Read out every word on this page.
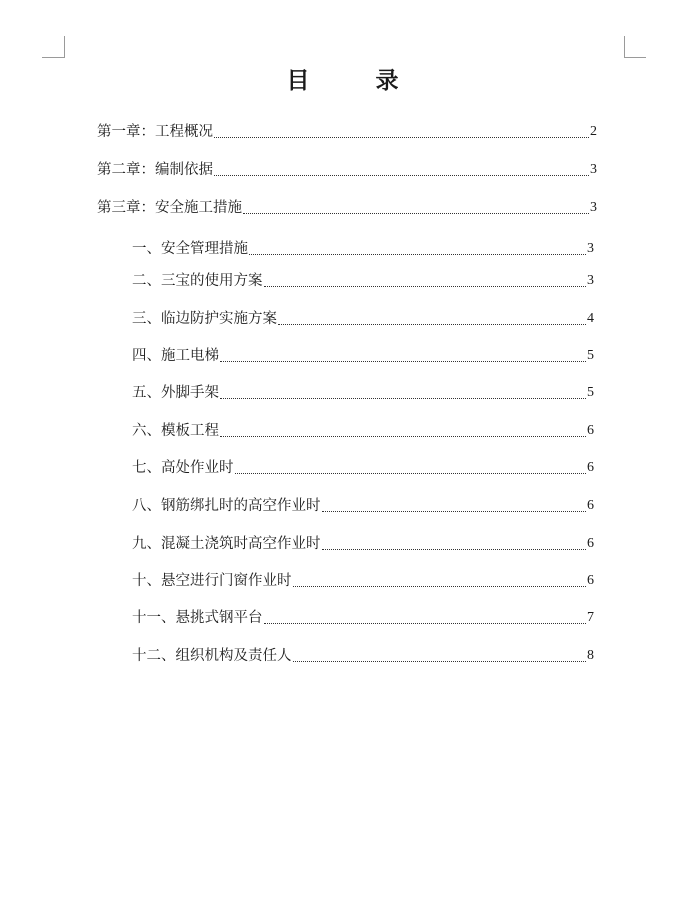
目	录
第一章：工程概况	2
第二章：编制依据	3
第三章：安全施工措施	3
一、安全管理措施	3
二、三宝的使用方案	3
三、临边防护实施方案	4
四、施工电梯	5
五、外脚手架	5
六、模板工程	6
七、高处作业时	6
八、钢筋绑扎时的高空作业时	6
九、混凝土浇筑时高空作业时	6
十、悬空进行门窗作业时	6
十一、悬挑式钢平台	7
十二、组织机构及责任人	8
